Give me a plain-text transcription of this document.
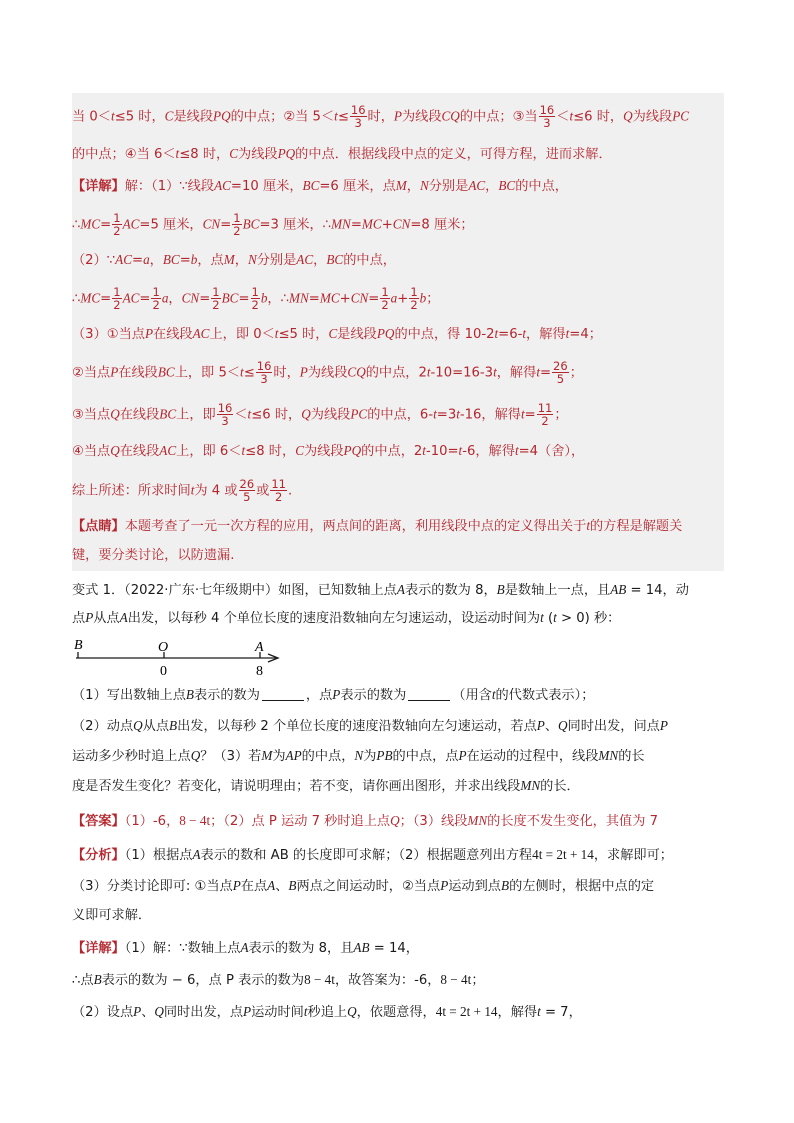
当 0＜t≤5 时，C是线段PQ的中点；②当 $5<t\le \frac{16}{3}$ 时，P为线段CQ的中点；③当 $\frac{16}{3} <t\le 6$ 时，Q为线段PC
的中点；④当 6＜t≤8 时，C为线段PQ的中点．根据线段中点的定义，可得方程，进而求解．
【详解】解：（1）∵线段AC=10 厘米，BC=6 厘米，点M，N分别是AC，BC的中点，
∴MC= $\frac{1}{2} AC=5$ 厘米，$CN= \frac{1}{2} BC=3$ 厘米，∴MN=MC+CN=8 厘米；
（2）∵AC=a，BC=b，点M，N分别是AC，BC的中点，
∴MC= $\frac{1}{2} AC= \frac{1}{2}$ a，$CN= \frac{1}{2} BC= \frac{1}{2}$ b，∴MN=MC+CN= $\frac{1}{2} a+ \frac{1}{2}$ b；
（3）①当点P在线段AC上，即 0＜t≤5 时，C是线段PQ的中点，得 10-2t=6-t，解得t=4；
②当点P在线段BC上，即 $5<t\le \frac{16}{3}$ 时，P为线段CQ的中点，2t-10=16-3t，解得$t= \frac{26}{5}$ ；
③当点Q在线段BC上，即 $\frac{16}{3} <t\le 6$ 时，Q为线段PC的中点，6-t=3t-16，解得$t= \frac{11}{2}$ ；
④当点Q在线段AC上，即 6＜t≤8 时，C为线段PQ的中点，2t-10=t-6，解得t=4（舍），
综上所述：所求时间t为 4 或 $\frac{26}{5}$ 或 $\frac{11}{2}$ .
【点睛】本题考查了一元一次方程的应用，两点间的距离，利用线段中点的定义得出关于t的方程是解题关
键，要分类讨论，以防遗漏.
变式 1．（2022·广东·七年级期中）如图，已知数轴上点A表示的数为 8，B是数轴上一点，且AB = 14，动
点P从点A出发，以每秒 4 个单位长度的速度沿数轴向左匀速运动，设运动时间为t (t > 0) 秒：
B	O	A
0	8
（1）写出数轴上点B表示的数为	，点P表示的数为	（用含t的代数式表示）；
（2）动点Q从点B出发，以每秒 2 个单位长度的速度沿数轴向左匀速运动，若点P、Q同时出发，问点P
运动多少秒时追上点Q？（3）若M为AP的中点，N为PB的中点，点P在运动的过程中，线段MN的长
度是否发生变化？若变化，请说明理由；若不变，请你画出图形，并求出线段MN的长．
【答案】（1）-6，8 − 4t；（2）点 P 运动 7 秒时追上点Q；（3）线段MN的长度不发生变化，其值为 7
【分析】（1）根据点A表示的数和 AB 的长度即可求解；（2）根据题意列出方程4t = 2t + 14，求解即可；
（3）分类讨论即可: ①当点P在点A、B两点之间运动时，②当点P运动到点B的左侧时，根据中点的定
义即可求解．
【详解】（1）解：∵数轴上点A表示的数为 8，且AB = 14，
∴点B表示的数为 − 6，点 P 表示的数为8 − 4t，故答案为：-6，8 − 4t；
（2）设点P、Q同时出发，点P运动时间t秒追上Q，依题意得，4t = 2t + 14，解得t = 7，
